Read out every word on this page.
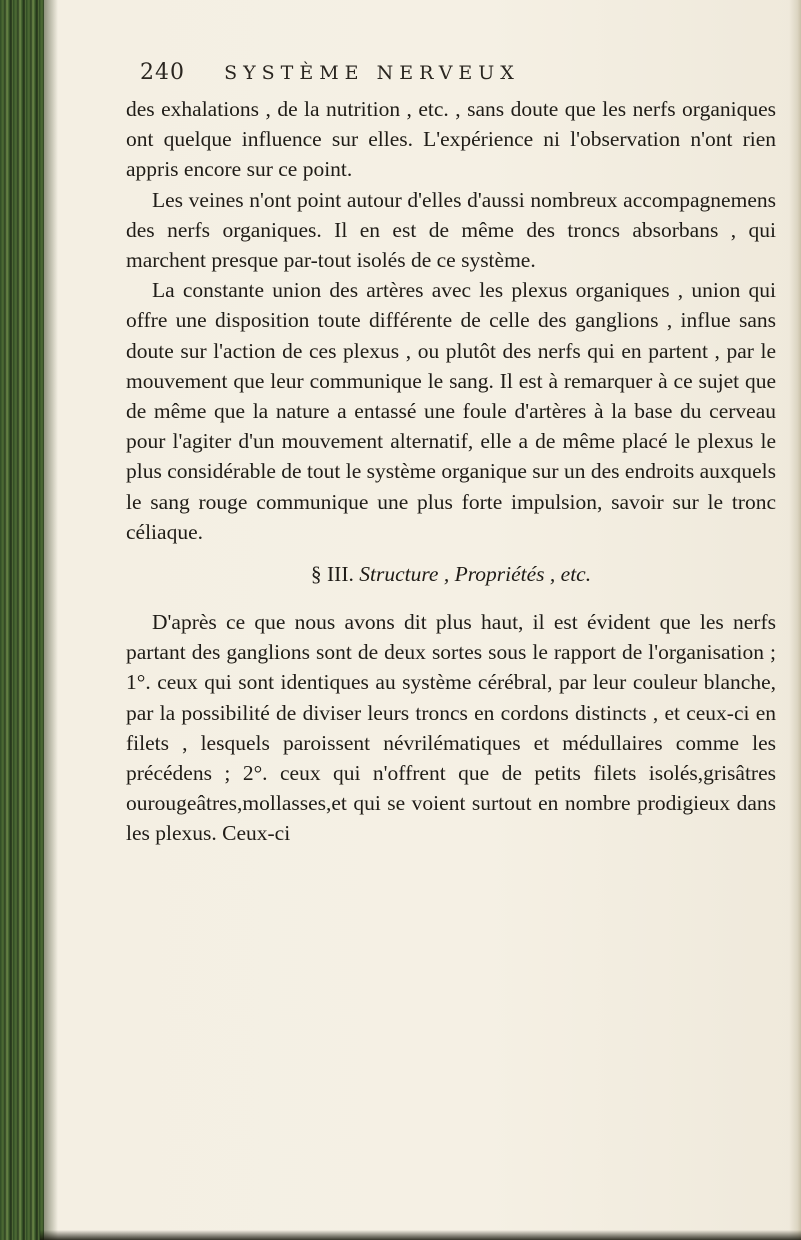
240 SYSTÈME NERVEUX

des exhalations , de la nutrition , etc. , sans doute que les nerfs organiques ont quelque influence sur elles. L'expérience ni l'observation n'ont rien appris encore sur ce point.

Les veines n'ont point autour d'elles d'aussi nombreux accompagnemens des nerfs organiques. Il en est de même des troncs absorbans , qui marchent presque par-tout isolés de ce système.

La constante union des artères avec les plexus organiques , union qui offre une disposition toute différente de celle des ganglions , influe sans doute sur l'action de ces plexus , ou plutôt des nerfs qui en partent , par le mouvement que leur communique le sang. Il est à remarquer à ce sujet que de même que la nature a entassé une foule d'artères à la base du cerveau pour l'agiter d'un mouvement alternatif, elle a de même placé le plexus le plus considérable de tout le système organique sur un des endroits auxquels le sang rouge communique une plus forte impulsion, savoir sur le tronc céliaque.

§ III. Structure , Propriétés , etc.

D'après ce que nous avons dit plus haut, il est évident que les nerfs partant des ganglions sont de deux sortes sous le rapport de l'organisation ; 1°. ceux qui sont identiques au système cérébral, par leur couleur blanche, par la possibilité de diviser leurs troncs en cordons distincts , et ceux-ci en filets , lesquels paroissent névrilématiques et médullaires comme les précédens ; 2°. ceux qui n'offrent que de petits filets isolés,grisâtres ourougeâtres,mollasses,et qui se voient surtout en nombre prodigieux dans les plexus. Ceux-ci
